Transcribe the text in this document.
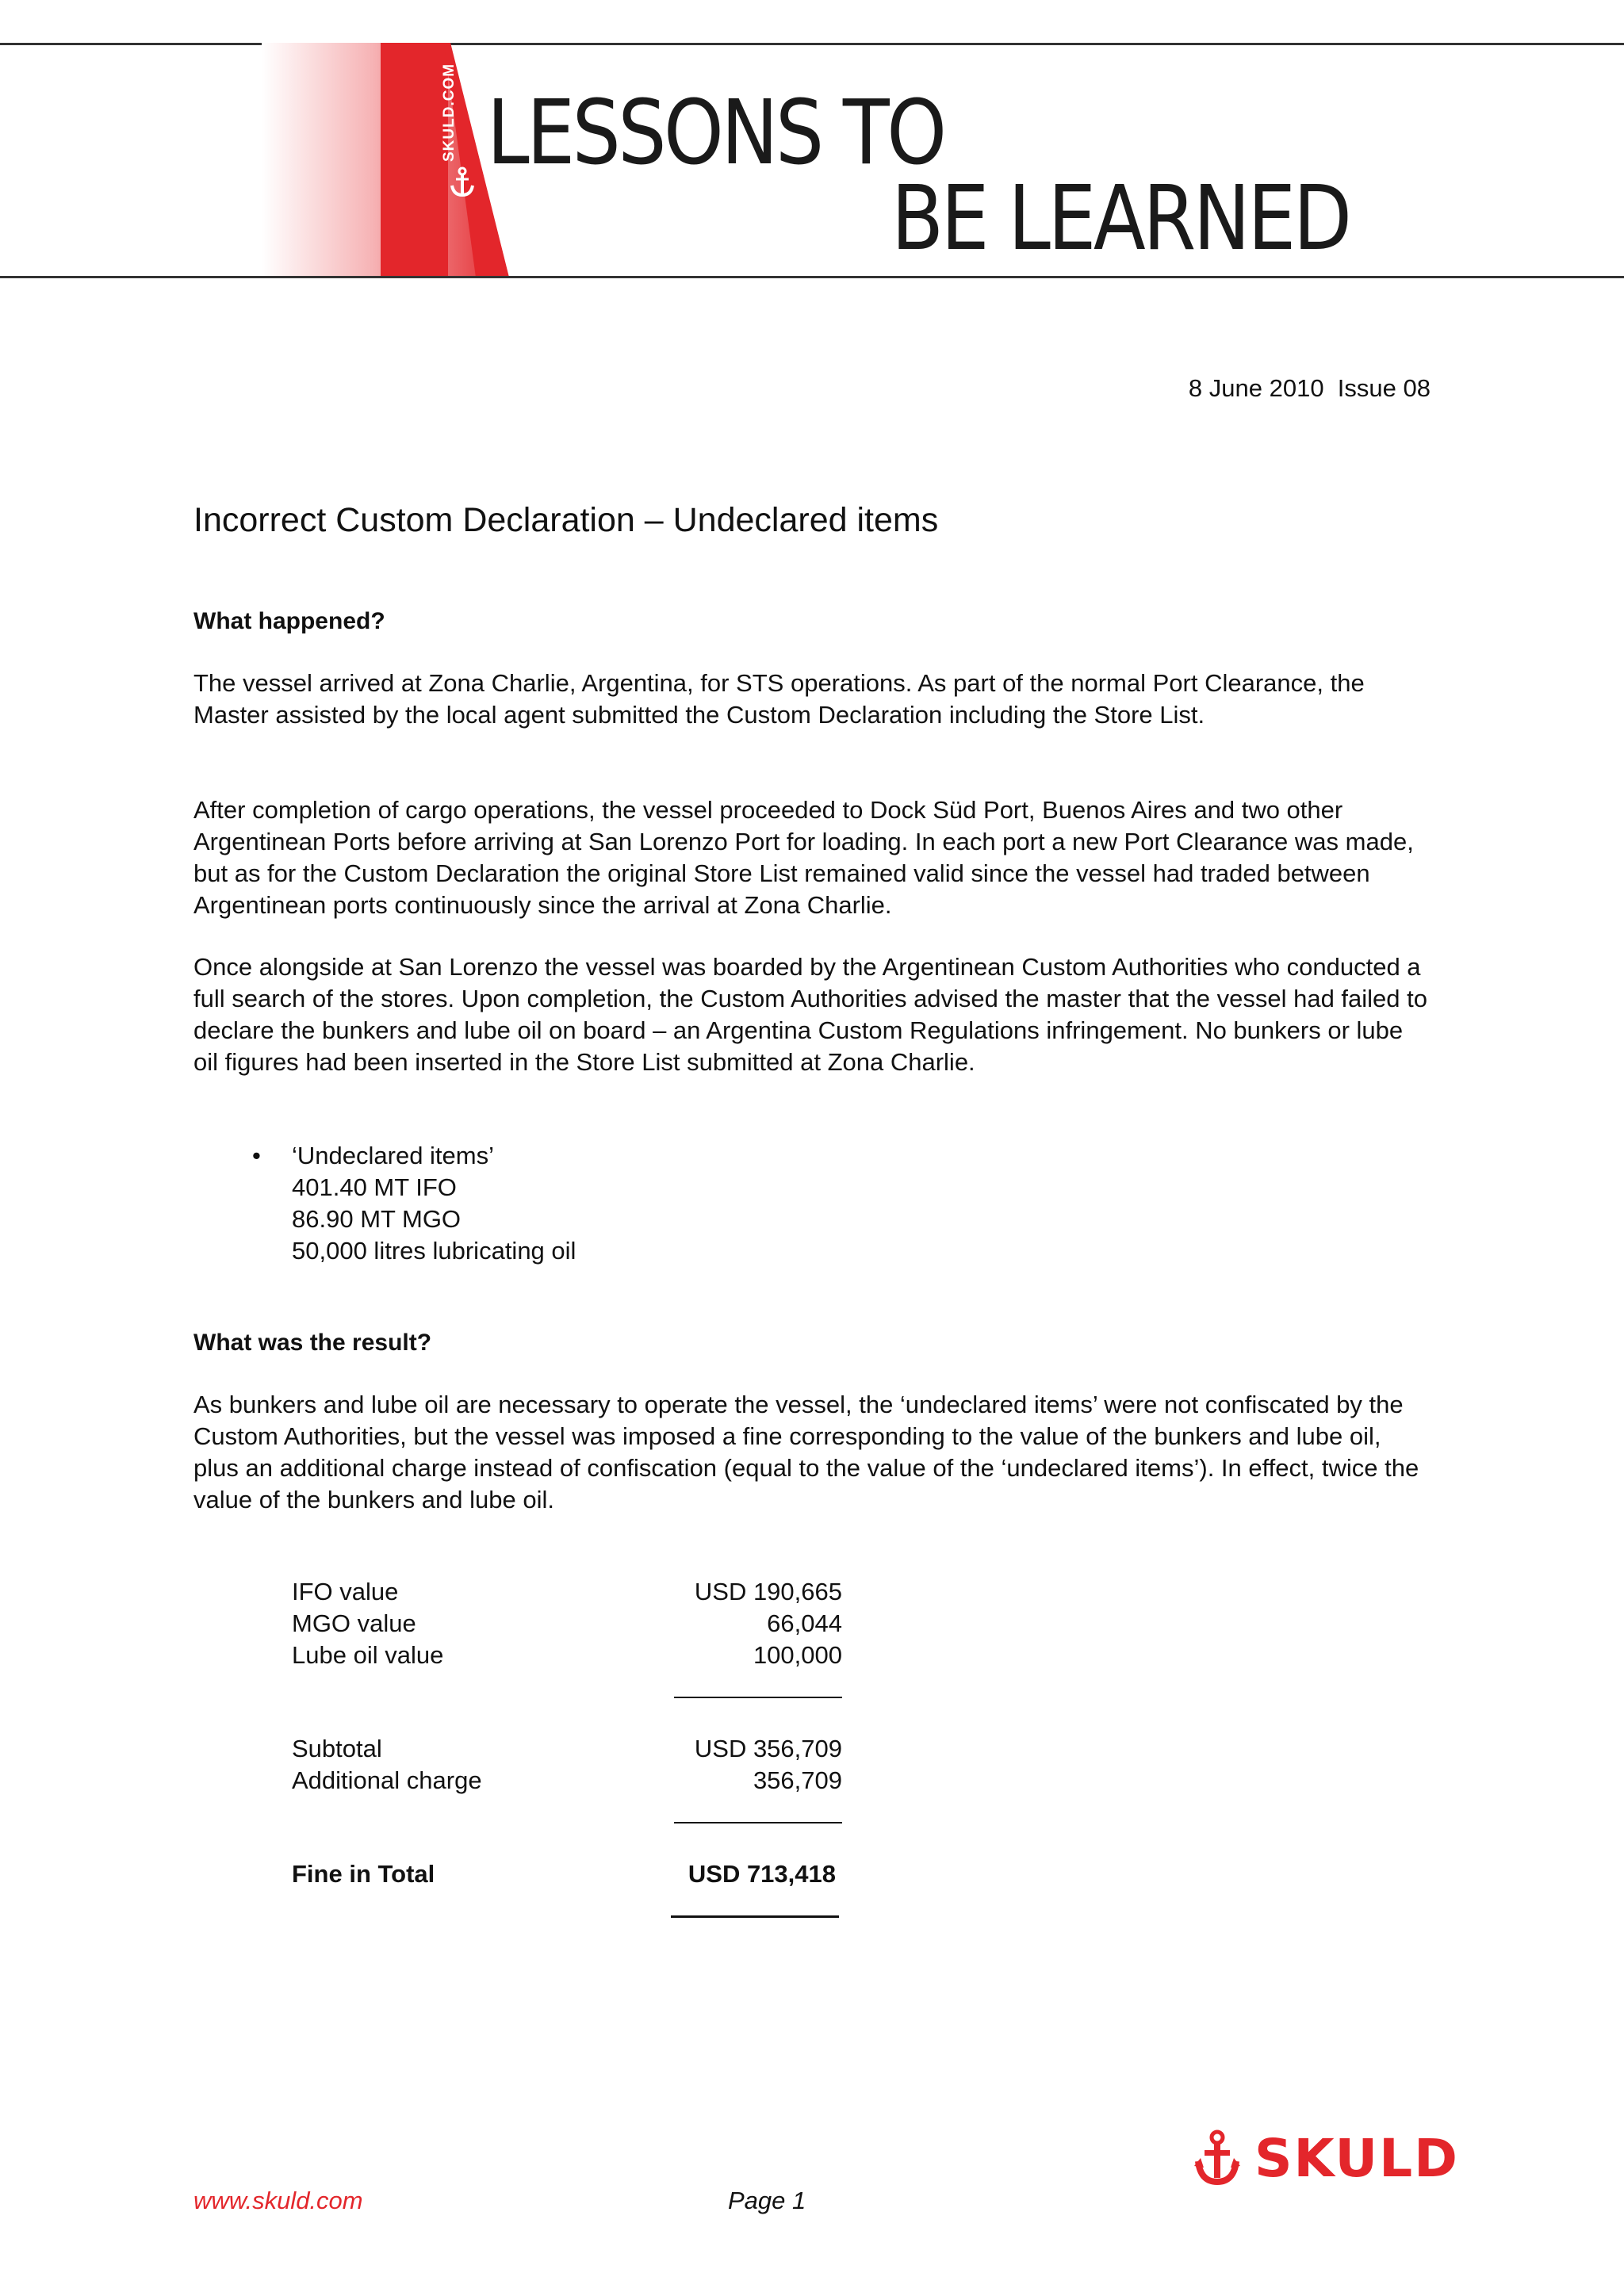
SKULD.COM LESSONS TO
BE LEARNED
8 June 2010  Issue 08
Incorrect Custom Declaration – Undeclared items
What happened?

The vessel arrived at Zona Charlie, Argentina, for STS operations. As part of the normal Port Clearance, the Master assisted by the local agent submitted the Custom Declaration including the Store List.

After completion of cargo operations, the vessel proceeded to Dock Süd Port, Buenos Aires and two other Argentinean Ports before arriving at San Lorenzo Port for loading. In each port a new Port Clearance was made, but as for the Custom Declaration the original Store List remained valid since the vessel had traded between Argentinean ports continuously since the arrival at Zona Charlie.

Once alongside at San Lorenzo the vessel was boarded by the Argentinean Custom Authorities who conducted a full search of the stores. Upon completion, the Custom Authorities advised the master that the vessel had failed to declare the bunkers and lube oil on board – an Argentina Custom Regulations infringement. No bunkers or lube oil figures had been inserted in the Store List submitted at Zona Charlie.

• ‘Undeclared items’
401.40 MT IFO
86.90 MT MGO
50,000 litres lubricating oil
What was the result?

As bunkers and lube oil are necessary to operate the vessel, the ‘undeclared items’ were not confiscated by the Custom Authorities, but the vessel was imposed a fine corresponding to the value of the bunkers and lube oil, plus an additional charge instead of confiscation (equal to the value of the ‘undeclared items’). In effect, twice the value of the bunkers and lube oil.

IFO value	USD 190,665
MGO value	66,044
Lube oil value	100,000
Subtotal	USD 356,709
Additional charge	356,709
Fine in Total	USD 713,418
www.skuld.com	Page 1
SKULD
